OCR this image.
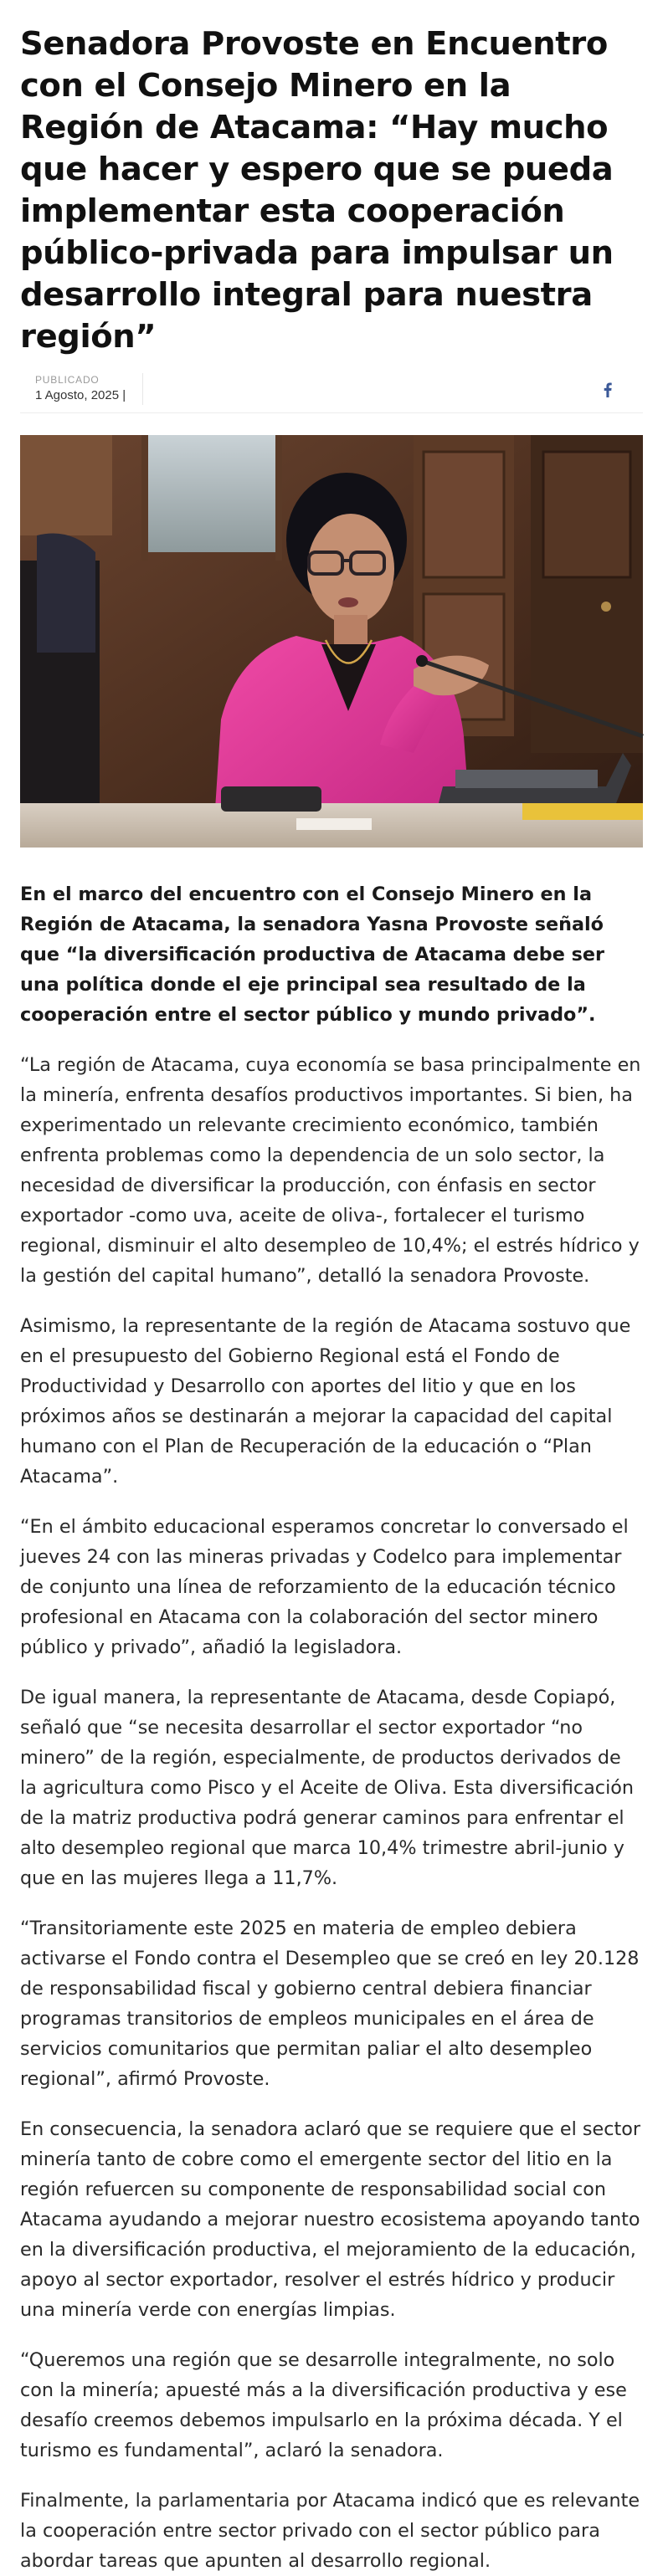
Senadora Provoste en Encuentro con el Consejo Minero en la Región de Atacama: “Hay mucho que hacer y espero que se pueda implementar esta cooperación público-privada para impulsar un desarrollo integral para nuestra región”
PUBLICADO
1 Agosto, 2025 |

En el marco del encuentro con el Consejo Minero en la Región de Atacama, la senadora Yasna Provoste señaló que “la diversificación productiva de Atacama debe ser una política donde el eje principal sea resultado de la cooperación entre el sector público y mundo privado”.

“La región de Atacama, cuya economía se basa principalmente en la minería, enfrenta desafíos productivos importantes. Si bien, ha experimentado un relevante crecimiento económico, también enfrenta problemas como la dependencia de un solo sector, la necesidad de diversificar la producción, con énfasis en sector exportador -como uva, aceite de oliva-, fortalecer el turismo regional, disminuir el alto desempleo de 10,4%; el estrés hídrico y la gestión del capital humano”, detalló la senadora Provoste.

Asimismo, la representante de la región de Atacama sostuvo que en el presupuesto del Gobierno Regional está el Fondo de Productividad y Desarrollo con aportes del litio y que en los próximos años se destinarán a mejorar la capacidad del capital humano con el Plan de Recuperación de la educación o “Plan Atacama”.

“En el ámbito educacional esperamos concretar lo conversado el jueves 24 con las mineras privadas y Codelco para implementar de conjunto una línea de reforzamiento de la educación técnico profesional en Atacama con la colaboración del sector minero público y privado”, añadió la legisladora.

De igual manera, la representante de Atacama, desde Copiapó, señaló que “se necesita desarrollar el sector exportador “no minero” de la región, especialmente, de productos derivados de la agricultura como Pisco y el Aceite de Oliva. Esta diversificación de la matriz productiva podrá generar caminos para enfrentar el alto desempleo regional que marca 10,4% trimestre abril-junio y que en las mujeres llega a 11,7%.

“Transitoriamente este 2025 en materia de empleo debiera activarse el Fondo contra el Desempleo que se creó en ley 20.128 de responsabilidad fiscal y gobierno central debiera financiar programas transitorios de empleos municipales en el área de servicios comunitarios que permitan paliar el alto desempleo regional”, afirmó Provoste.

En consecuencia, la senadora aclaró que se requiere que el sector minería tanto de cobre como el emergente sector del litio en la región refuercen su componente de responsabilidad social con Atacama ayudando a mejorar nuestro ecosistema apoyando tanto en la diversificación productiva, el mejoramiento de la educación, apoyo al sector exportador, resolver el estrés hídrico y producir una minería verde con energías limpias.

“Queremos una región que se desarrolle integralmente, no solo con la minería; apuesté más a la diversificación productiva y ese desafío creemos debemos impulsarlo en la próxima década. Y el turismo es fundamental”, aclaró la senadora.

Finalmente, la parlamentaria por Atacama indicó que es relevante la cooperación entre sector privado con el sector público para abordar tareas que apunten al desarrollo regional.
